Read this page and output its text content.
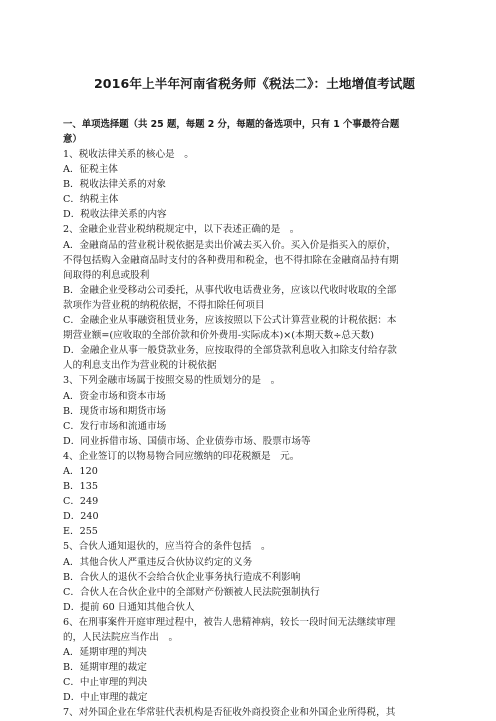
2016年上半年河南省税务师《税法二》：土地增值考试题
一、单项选择题（共 25 题，每题 2 分，每题的备选项中，只有 1 个事最符合题
意）
1、税收法律关系的核心是　。
A．征税主体
B．税收法律关系的对象
C．纳税主体
D．税收法律关系的内容
2、金融企业营业税纳税规定中，以下表述正确的是　。
A．金融商品的营业税计税依据是卖出价减去买入价。买入价是指买入的原价，
不得包括购入金融商品时支付的各种费用和税金，也不得扣除在金融商品持有期
间取得的利息或股利
B．金融企业受移动公司委托，从事代收电话费业务，应该以代收时收取的全部
款项作为营业税的纳税依据，不得扣除任何项目
C．金融企业从事融资租赁业务，应该按照以下公式计算营业税的计税依据：本
期营业额=(应收取的全部价款和价外费用-实际成本)×(本期天数÷总天数)
D．金融企业从事一般贷款业务，应按取得的全部贷款利息收入扣除支付给存款
人的利息支出作为营业税的计税依据
3、下列金融市场属于按照交易的性质划分的是　。
A．资金市场和资本市场
B．现货市场和期货市场
C．发行市场和流通市场
D．同业拆借市场、国债市场、企业债券市场、股票市场等
4、企业签订的以物易物合同应缴纳的印花税额是　元。
A．120
B．135
C．249
D．240
E．255
5、合伙人通知退伙的，应当符合的条件包括　。
A．其他合伙人严重违反合伙协议约定的义务
B．合伙人的退伙不会给合伙企业事务执行造成不利影响
C．合伙人在合伙企业中的全部财产份额被人民法院强制执行
D．提前 60 日通知其他合伙人
6、在刑事案件开庭审理过程中，被告人患精神病，较长一段时间无法继续审理
的，人民法院应当作出　。
A．延期审理的判决
B．延期审理的裁定
C．中止审理的判决
D．中止审理的裁定
7、对外国企业在华常驻代表机构是否征收外商投资企业和外国企业所得税，其
